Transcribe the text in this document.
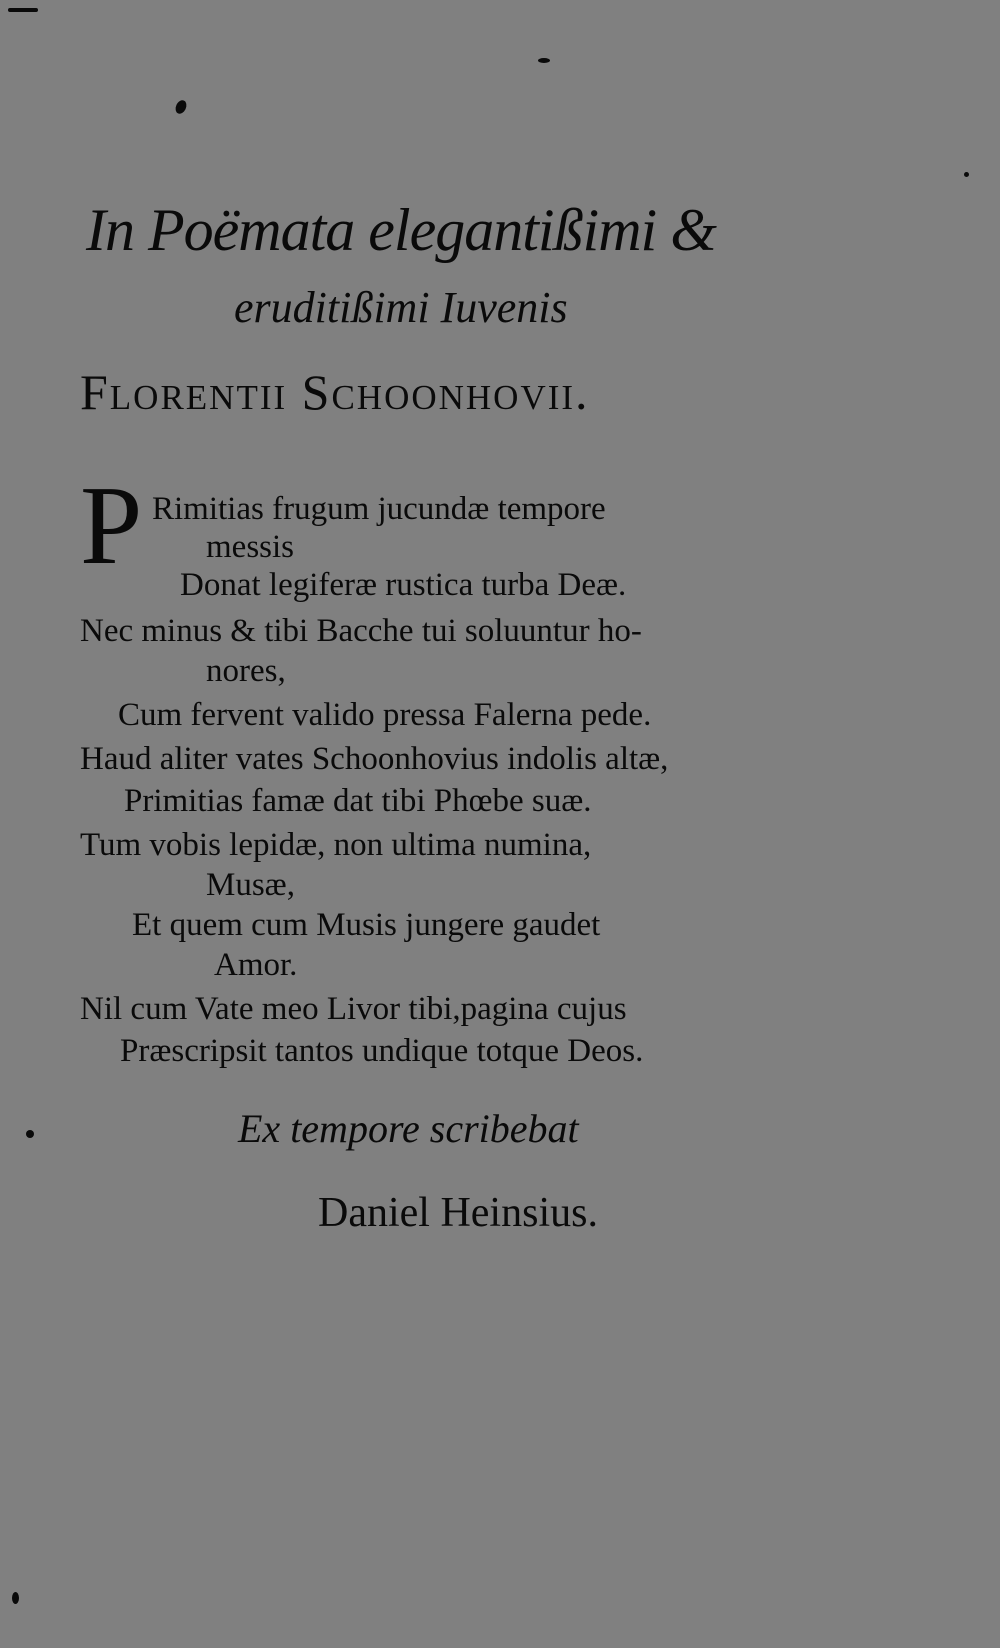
In Poëmata elegantißimi &
eruditißimi Iuvenis
Florentii Schoonhovii.
P Rimitias frugum jucundæ tempore
messis
Donat legiferæ rustica turba Deæ.
Nec minus & tibi Bacche tui soluuntur ho-
nores,
Cum fervent valido pressa Falerna pede.
Haud aliter vates Schoonhovius indolis altæ,
Primitias famæ dat tibi Phœbe suæ.
Tum vobis lepidæ, non ultima numina,
Musæ,
Et quem cum Musis jungere gaudet
Amor.
Nil cum Vate meo Livor tibi,pagina cujus
Præscripsit tantos undique totque Deos.
Ex tempore scribebat
Daniel Heinsius.
